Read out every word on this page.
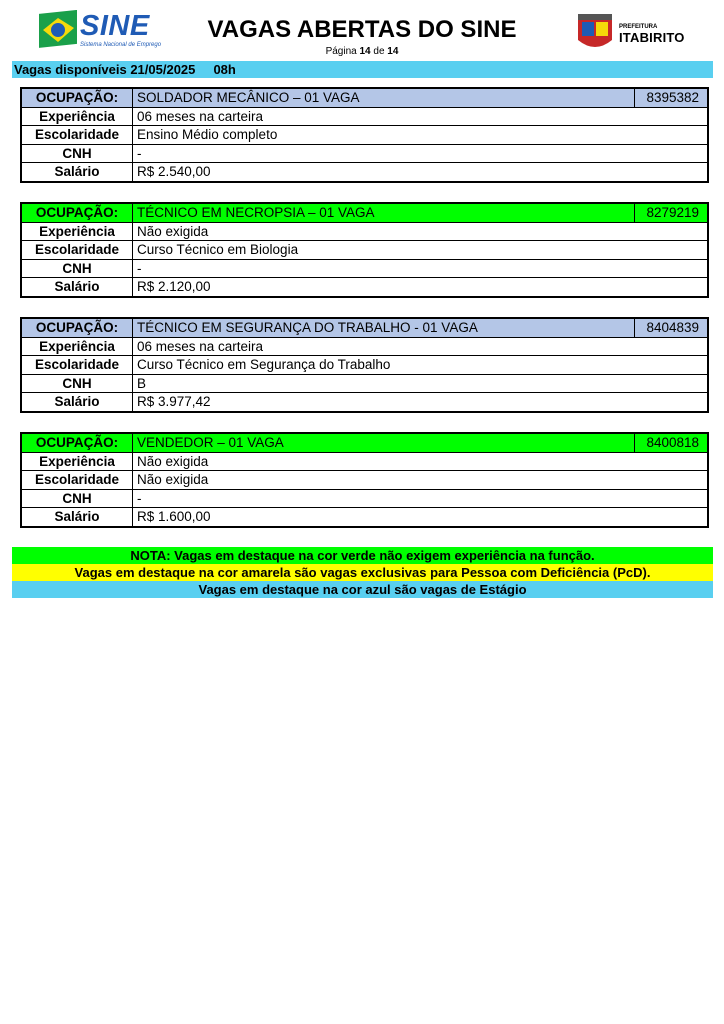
SINE
Sistema Nacional de Emprego
VAGAS ABERTAS DO SINE
Página 14 de 14
PREFEITURA
ITABIRITO
Vagas disponíveis 21/05/2025     08h
OCUPAÇÃO:	SOLDADOR MECÂNICO – 01 VAGA	8395382
Experiência	06 meses na carteira	
Escolaridade	Ensino Médio completo	
CNH	-	
Salário	R$ 2.540,00	
OCUPAÇÃO:	TÉCNICO EM NECROPSIA – 01 VAGA	8279219
Experiência	Não exigida	
Escolaridade	Curso Técnico em Biologia	
CNH	-	
Salário	R$ 2.120,00	
OCUPAÇÃO:	TÉCNICO EM SEGURANÇA DO TRABALHO - 01 VAGA	8404839
Experiência	06 meses na carteira	
Escolaridade	Curso Técnico em Segurança do Trabalho	
CNH	B	
Salário	R$ 3.977,42	
OCUPAÇÃO:	VENDEDOR – 01 VAGA	8400818
Experiência	Não exigida	
Escolaridade	Não exigida	
CNH	-	
Salário	R$ 1.600,00	
NOTA: Vagas em destaque na cor verde não exigem experiência na função.
Vagas em destaque na cor amarela são vagas exclusivas para Pessoa com Deficiência (PcD).
Vagas em destaque na cor azul são vagas de Estágio
